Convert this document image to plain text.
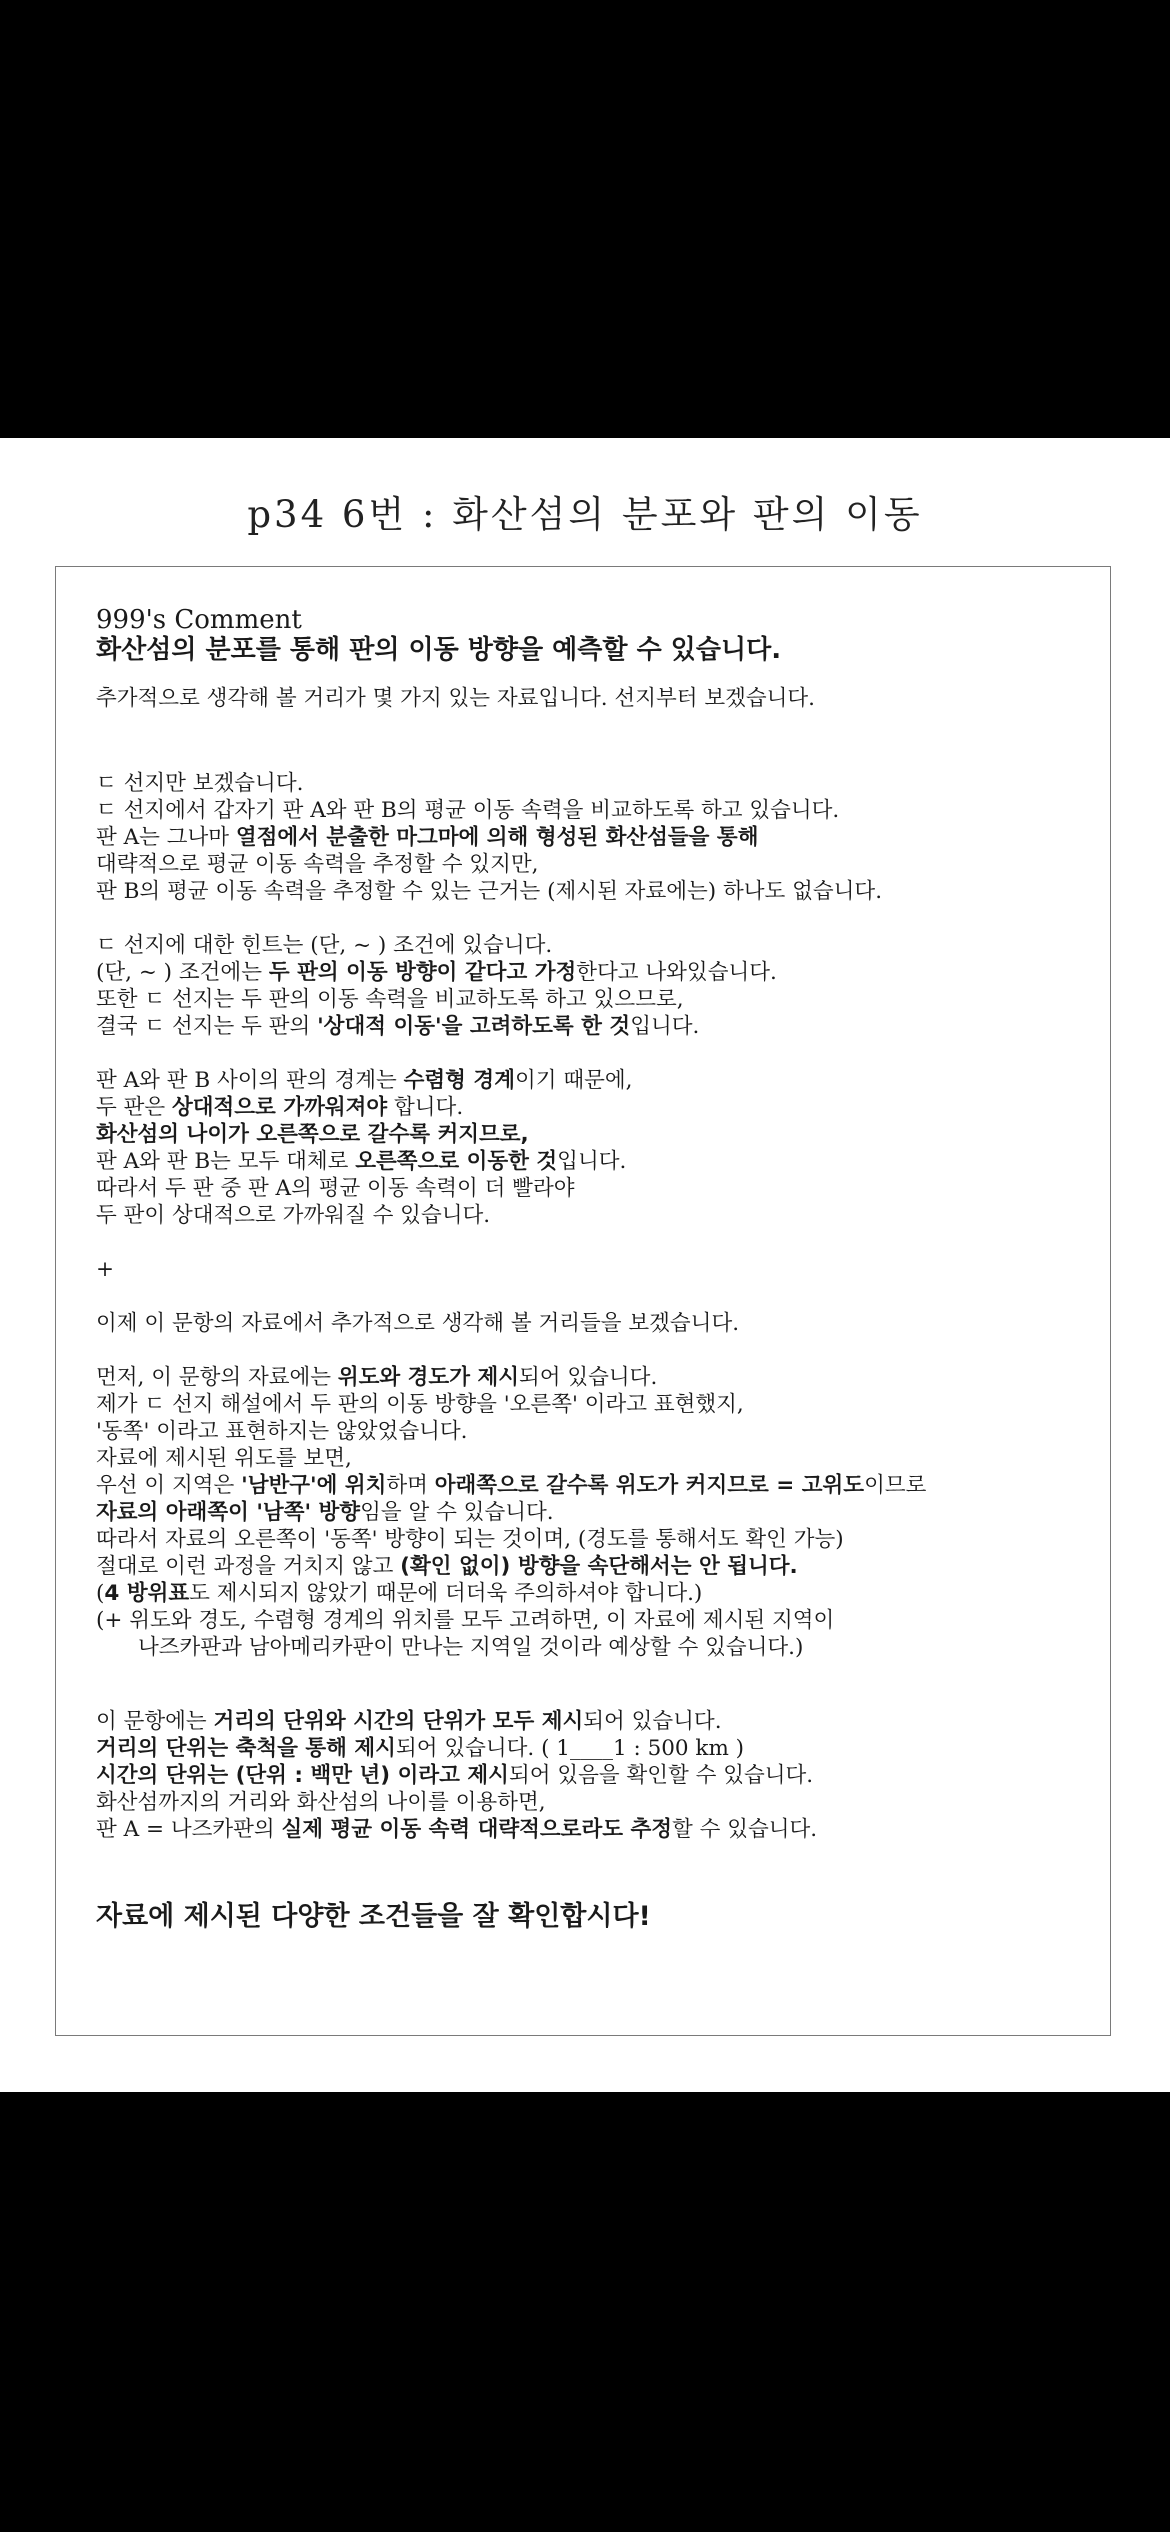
p34 6번 : 화산섬의 분포와 판의 이동
999's Comment
화산섬의 분포를 통해 판의 이동 방향을 예측할 수 있습니다.
추가적으로 생각해 볼 거리가 몇 가지 있는 자료입니다. 선지부터 보겠습니다.
ㄷ 선지만 보겠습니다.
ㄷ 선지에서 갑자기 판 A와 판 B의 평균 이동 속력을 비교하도록 하고 있습니다.
판 A는 그나마 열점에서 분출한 마그마에 의해 형성된 화산섬들을 통해
대략적으로 평균 이동 속력을 추정할 수 있지만,
판 B의 평균 이동 속력을 추정할 수 있는 근거는 (제시된 자료에는) 하나도 없습니다.
ㄷ 선지에 대한 힌트는 (단, ~ ) 조건에 있습니다.
(단, ~ ) 조건에는 두 판의 이동 방향이 같다고 가정한다고 나와있습니다.
또한 ㄷ 선지는 두 판의 이동 속력을 비교하도록 하고 있으므로,
결국 ㄷ 선지는 두 판의 '상대적 이동'을 고려하도록 한 것입니다.
판 A와 판 B 사이의 판의 경계는 수렴형 경계이기 때문에,
두 판은 상대적으로 가까워져야 합니다.
화산섬의 나이가 오른쪽으로 갈수록 커지므로,
판 A와 판 B는 모두 대체로 오른쪽으로 이동한 것입니다.
따라서 두 판 중 판 A의 평균 이동 속력이 더 빨라야
두 판이 상대적으로 가까워질 수 있습니다.
+
이제 이 문항의 자료에서 추가적으로 생각해 볼 거리들을 보겠습니다.
먼저, 이 문항의 자료에는 위도와 경도가 제시되어 있습니다.
제가 ㄷ 선지 해설에서 두 판의 이동 방향을 '오른쪽' 이라고 표현했지,
'동쪽' 이라고 표현하지는 않았었습니다.
자료에 제시된 위도를 보면,
우선 이 지역은 '남반구'에 위치하며 아래쪽으로 갈수록 위도가 커지므로 = 고위도이므로
자료의 아래쪽이 '남쪽' 방향임을 알 수 있습니다.
따라서 자료의 오른쪽이 '동쪽' 방향이 되는 것이며, (경도를 통해서도 확인 가능)
절대로 이런 과정을 거치지 않고 (확인 없이) 방향을 속단해서는 안 됩니다.
(4 방위표도 제시되지 않았기 때문에 더더욱 주의하셔야 합니다.)
(+ 위도와 경도, 수렴형 경계의 위치를 모두 고려하면, 이 자료에 제시된 지역이
나즈카판과 남아메리카판이 만나는 지역일 것이라 예상할 수 있습니다.)
이 문항에는 거리의 단위와 시간의 단위가 모두 제시되어 있습니다.
거리의 단위는 축척을 통해 제시되어 있습니다. ( 1____1 : 500 km )
시간의 단위는 (단위 : 백만 년) 이라고 제시되어 있음을 확인할 수 있습니다.
화산섬까지의 거리와 화산섬의 나이를 이용하면,
판 A = 나즈카판의 실제 평균 이동 속력 대략적으로라도 추정할 수 있습니다.
자료에 제시된 다양한 조건들을 잘 확인합시다!
